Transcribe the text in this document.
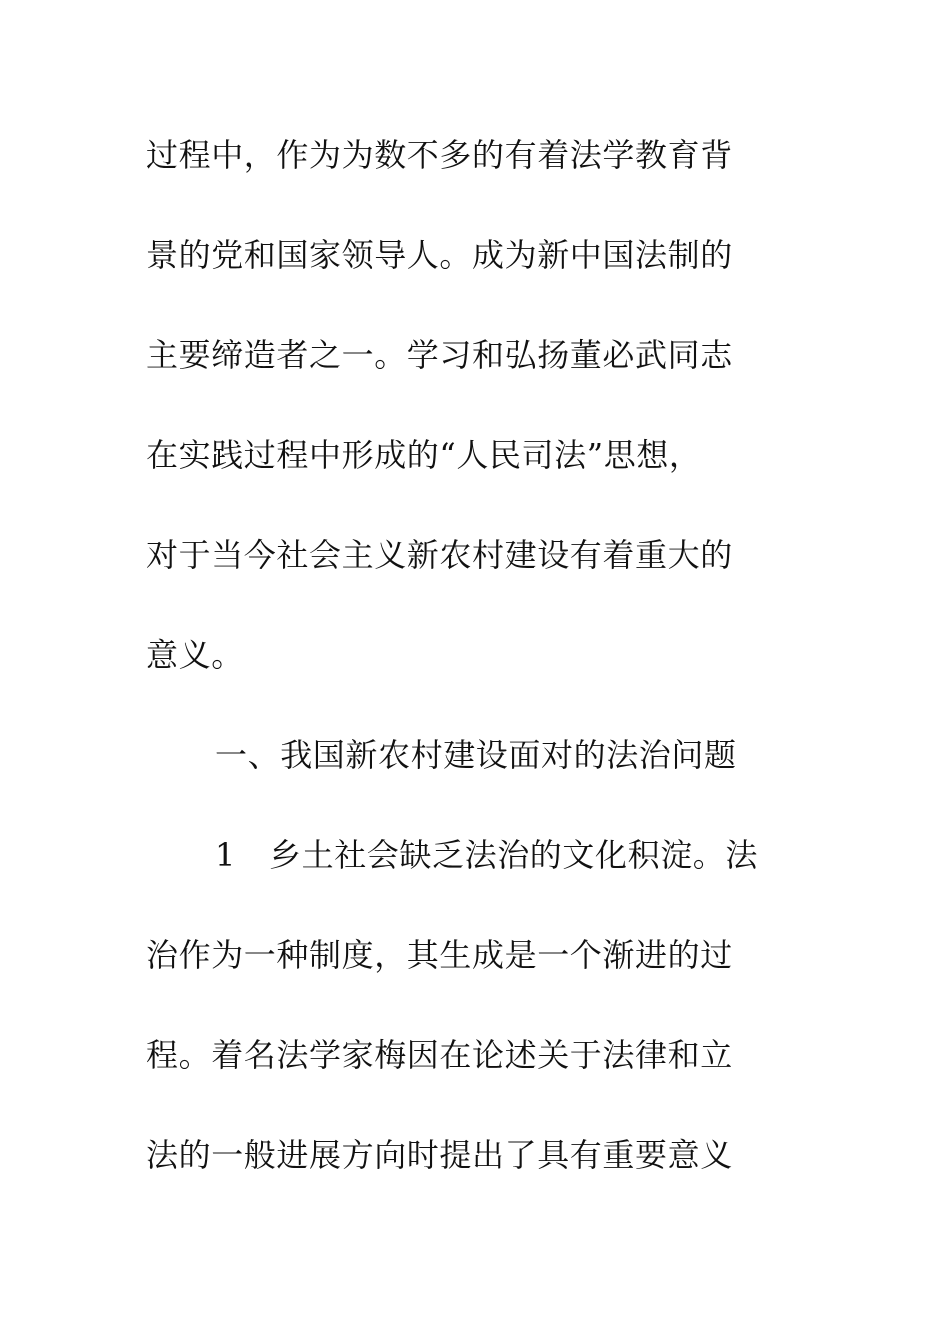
过程中，作为为数不多的有着法学教育背
景的党和国家领导人。成为新中国法制的
主要缔造者之一。学习和弘扬董必武同志
在实践过程中形成的“人民司法”思想，
对于当今社会主义新农村建设有着重大的
意义。
一、我国新农村建设面对的法治问题
1 乡土社会缺乏法治的文化积淀。法
治作为一种制度，其生成是一个渐进的过
程。着名法学家梅因在论述关于法律和立
法的一般进展方向时提出了具有重要意义
